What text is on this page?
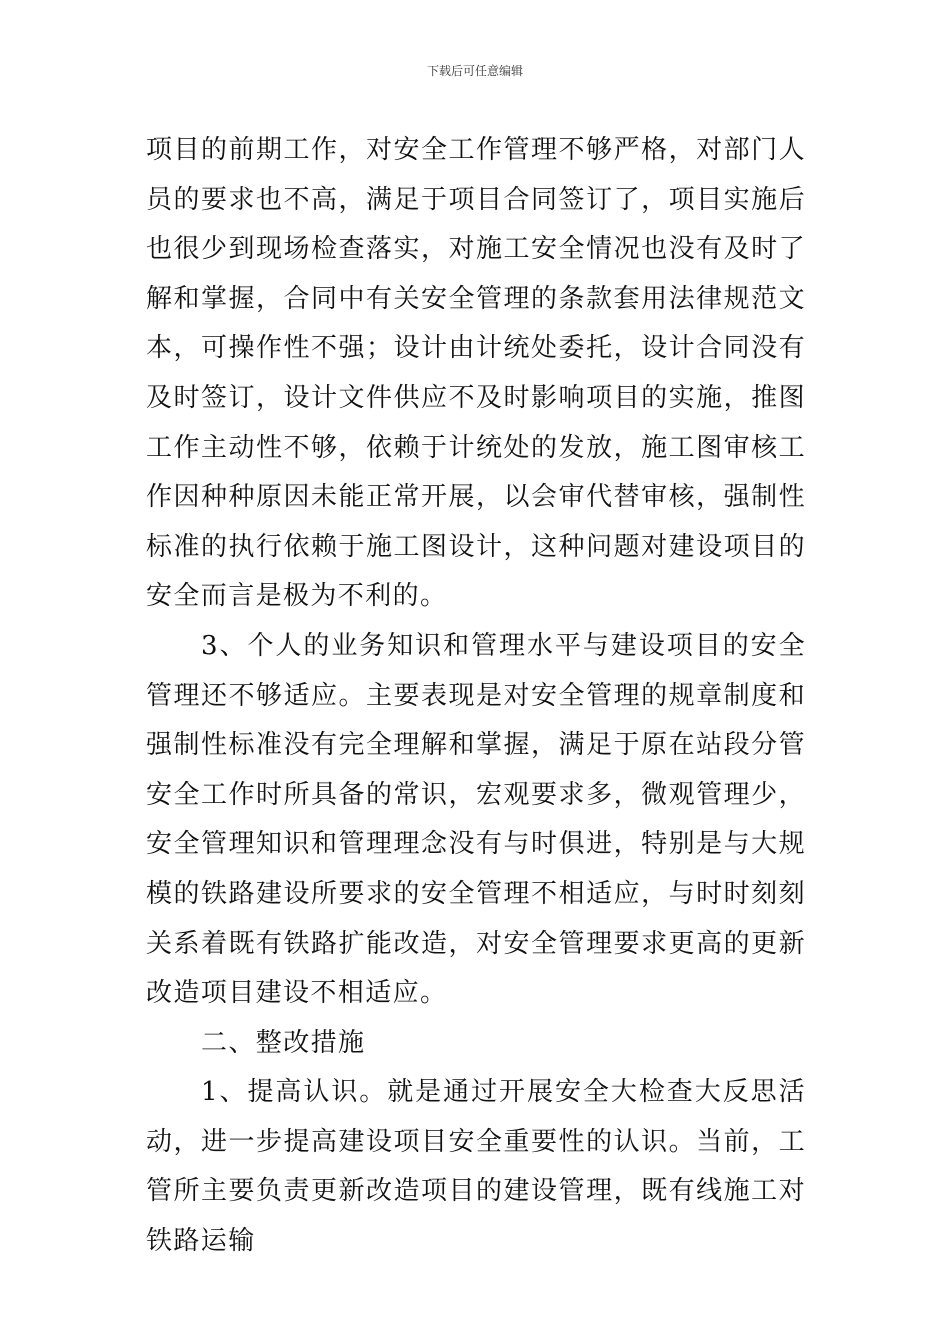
下载后可任意编辑

项目的前期工作，对安全工作管理不够严格，对部门人员的要求也不高，满足于项目合同签订了，项目实施后也很少到现场检查落实，对施工安全情况也没有及时了解和掌握，合同中有关安全管理的条款套用法律规范文本，可操作性不强；设计由计统处委托，设计合同没有及时签订，设计文件供应不及时影响项目的实施，推图工作主动性不够，依赖于计统处的发放，施工图审核工作因种种原因未能正常开展，以会审代替审核，强制性标准的执行依赖于施工图设计，这种问题对建设项目的安全而言是极为不利的。

3、个人的业务知识和管理水平与建设项目的安全管理还不够适应。主要表现是对安全管理的规章制度和强制性标准没有完全理解和掌握，满足于原在站段分管安全工作时所具备的常识，宏观要求多，微观管理少，安全管理知识和管理理念没有与时俱进，特别是与大规模的铁路建设所要求的安全管理不相适应，与时时刻刻关系着既有铁路扩能改造，对安全管理要求更高的更新改造项目建设不相适应。

二、整改措施

1、提高认识。就是通过开展安全大检查大反思活动，进一步提高建设项目安全重要性的认识。当前，工管所主要负责更新改造项目的建设管理，既有线施工对铁路运输
